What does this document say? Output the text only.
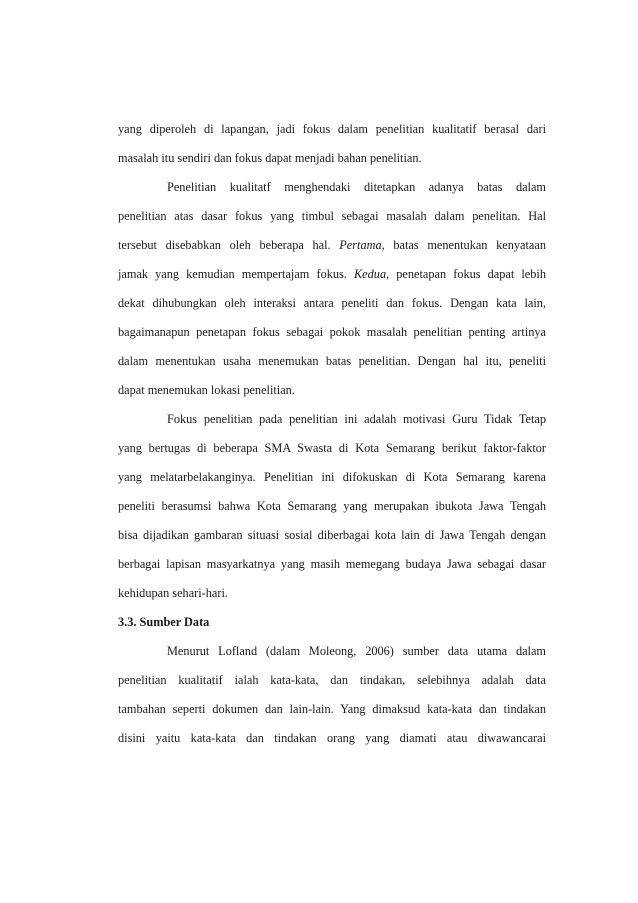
yang diperoleh di lapangan, jadi fokus dalam penelitian kualitatif berasal dari
masalah itu sendiri dan fokus dapat menjadi bahan penelitian.
Penelitian kualitatf menghendaki ditetapkan adanya batas dalam
penelitian atas dasar fokus yang timbul sebagai masalah dalam penelitan. Hal
tersebut disebabkan oleh beberapa hal. Pertama, batas menentukan kenyataan
jamak yang kemudian mempertajam fokus. Kedua, penetapan fokus dapat lebih
dekat dihubungkan oleh interaksi antara peneliti dan fokus. Dengan kata lain,
bagaimanapun penetapan fokus sebagai pokok masalah penelitian penting artinya
dalam menentukan usaha menemukan batas penelitian. Dengan hal itu, peneliti
dapat menemukan lokasi penelitian.
Fokus penelitian pada penelitian ini adalah motivasi Guru Tidak Tetap
yang bertugas di beberapa SMA Swasta di Kota Semarang berikut faktor-faktor
yang melatarbelakanginya. Penelitian ini difokuskan di Kota Semarang karena
peneliti berasumsi bahwa Kota Semarang yang merupakan ibukota Jawa Tengah
bisa dijadikan gambaran situasi sosial diberbagai kota lain di Jawa Tengah dengan
berbagai lapisan masyarkatnya yang masih memegang budaya Jawa sebagai dasar
kehidupan sehari-hari.
3.3. Sumber Data
Menurut Lofland (dalam Moleong, 2006) sumber data utama dalam
penelitian kualitatif ialah kata-kata, dan tindakan, selebihnya adalah data
tambahan seperti dokumen dan lain-lain. Yang dimaksud kata-kata dan tindakan
disini yaitu kata-kata dan tindakan orang yang diamati atau diwawancarai
